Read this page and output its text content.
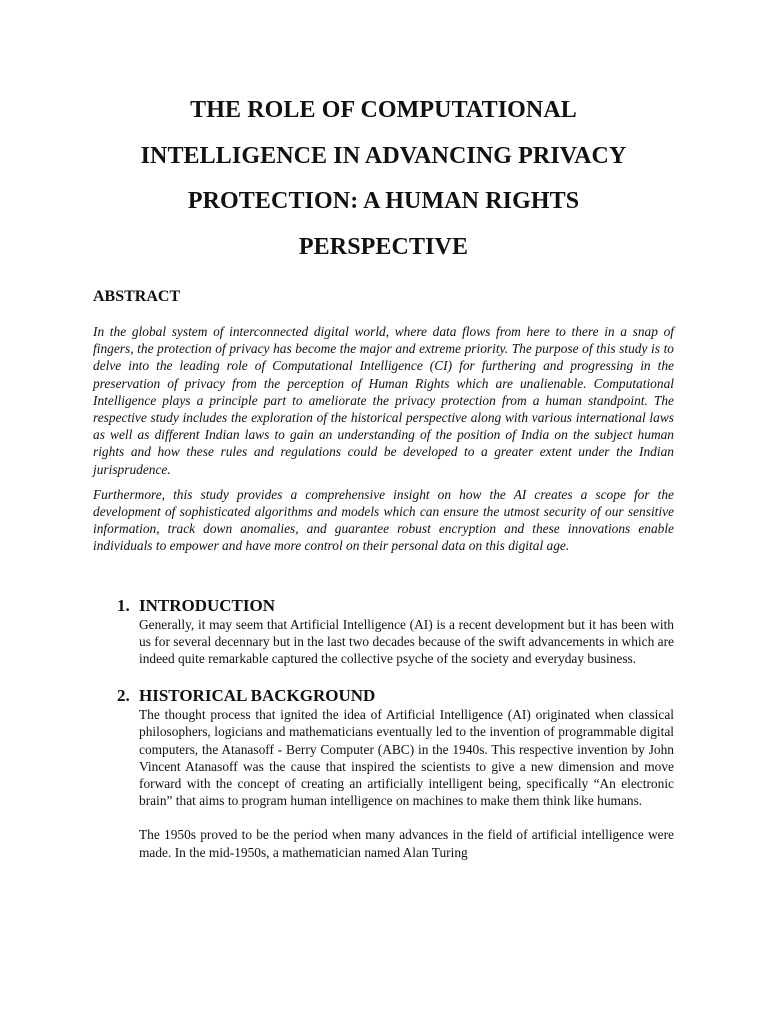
THE ROLE OF COMPUTATIONAL
INTELLIGENCE IN ADVANCING PRIVACY
PROTECTION: A HUMAN RIGHTS
PERSPECTIVE
ABSTRACT

In the global system of interconnected digital world, where data flows from here to there in a snap of fingers, the protection of privacy has become the major and extreme priority. The purpose of this study is to delve into the leading role of Computational Intelligence (CI) for furthering and progressing in the preservation of privacy from the perception of Human Rights which are unalienable. Computational Intelligence plays a principle part to ameliorate the privacy protection from a human standpoint. The respective study includes the exploration of the historical perspective along with various international laws as well as different Indian laws to gain an understanding of the position of India on the subject human rights and how these rules and regulations could be developed to a greater extent under the Indian jurisprudence.

Furthermore, this study provides a comprehensive insight on how the AI creates a scope for the development of sophisticated algorithms and models which can ensure the utmost security of our sensitive information, track down anomalies, and guarantee robust encryption and these innovations enable individuals to empower and have more control on their personal data on this digital age.

1. INTRODUCTION

Generally, it may seem that Artificial Intelligence (AI) is a recent development but it has been with us for several decennary but in the last two decades because of the swift advancements in which are indeed quite remarkable captured the collective psyche of the society and everyday business.

2. HISTORICAL BACKGROUND

The thought process that ignited the idea of Artificial Intelligence (AI) originated when classical philosophers, logicians and mathematicians eventually led to the invention of programmable digital computers, the Atanasoff - Berry Computer (ABC) in the 1940s. This respective invention by John Vincent Atanasoff was the cause that inspired the scientists to give a new dimension and move forward with the concept of creating an artificially intelligent being, specifically “An electronic brain” that aims to program human intelligence on machines to make them think like humans.

The 1950s proved to be the period when many advances in the field of artificial intelligence were made. In the mid-1950s, a mathematician named Alan Turing
